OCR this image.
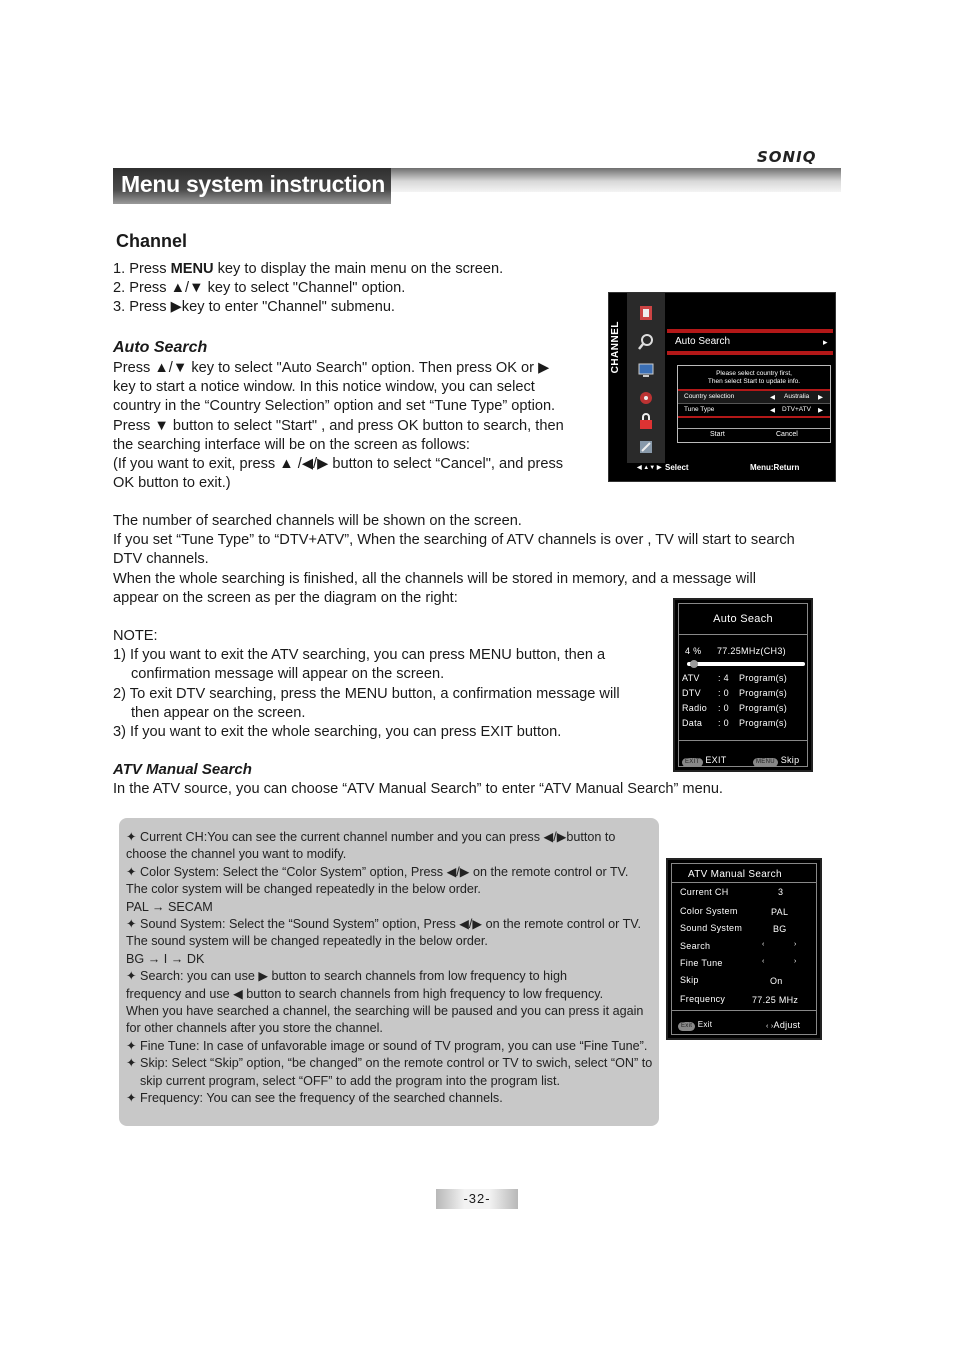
SONIQ
Menu system instruction
Channel
1. Press MENU key to display the main menu on the screen.
2. Press ▲/▼ key to select "Channel" option.
3. Press ▶key to enter "Channel" submenu.
Auto Search
Press ▲/▼ key to select "Auto Search" option. Then press OK or ▶
key to start a notice window. In this notice window, you can select
country in the “Country Selection” option and set “Tune Type” option.
Press ▼ button to select "Start" , and press OK button to search, then
the searching interface will be on the screen as follows:
(If you want to exit, press ▲ /◀/▶ button to select “Cancel", and press
OK button to exit.)
The number of searched channels will be shown on the screen.
If you set “Tune Type” to “DTV+ATV”, When the searching of ATV channels is over , TV will start to search
DTV channels.
When the whole searching is finished, all the channels will be stored in memory, and a message will
appear on the screen as per the diagram on the right:
NOTE:
1) If you want to exit the ATV searching, you can press MENU button, then a
confirmation message will appear on the screen.
2) To exit DTV searching, press the MENU button, a confirmation message will
then appear on the screen.
3) If you want to exit the whole searching, you can press EXIT button.
ATV Manual Search
In the ATV source, you can choose “ATV Manual Search” to enter “ATV Manual Search” menu.
✦ Current CH:You can see the current channel number and you can press ◀/▶button to
choose the channel you want to modify.
✦ Color System: Select the “Color System” option, Press ◀/▶ on the remote control or TV.
The color system will be changed repeatedly in the below order.
PAL → SECAM
✦ Sound System: Select the “Sound System” option, Press ◀/▶ on the remote control or TV.
The sound system will be changed repeatedly in the below order.
BG → I → DK
✦ Search: you can use ▶ button to search channels from low frequency to high
frequency and use ◀ button to search channels from high frequency to low frequency.
When you have searched a channel, the searching will be paused and you can press it again
for other channels after you store the channel.
✦ Fine Tune: In case of unfavorable image or sound of TV program, you can use “Fine Tune”.
✦ Skip: Select “Skip” option, “be changed” on the remote control or TV to swich, select “ON” to
skip current program, select “OFF” to add the program into the program list.
✦ Frequency: You can see the frequency of the searched channels.
CHANNEL	Auto Search	▸
Please select country first,
Then select Start to update info.
Country selection	◀ Australia ▶
Tune Type	◀ DTV+ATV ▶
Start	Cancel
◀ ▲▼ ▶ Select	Menu:Return
Auto Seach
4 % 77.25MHz(CH3)
ATV : 4 Program(s)
DTV : 0 Program(s)
Radio : 0 Program(s)
Data : 0 Program(s)
EXIT EXIT	MENU Skip
ATV Manual Search
Current CH	3
Color System	PAL
Sound System	BG
Search	‹	›
Fine Tune	‹	›
Skip	On
Frequency	77.25 MHz
Exit Exit	‹ ›Adjust
-32-
